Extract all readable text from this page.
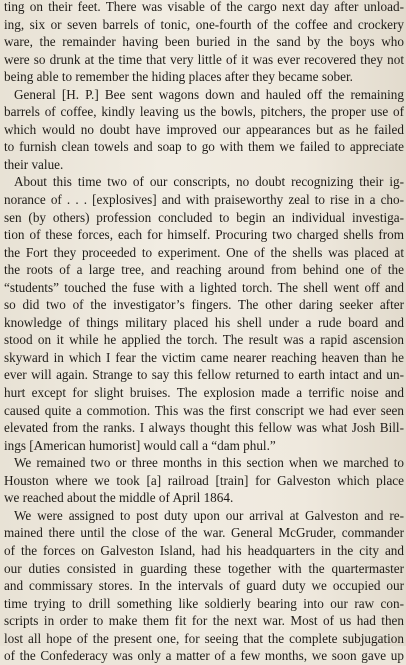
ting on their feet. There was visable of the cargo next day after unload-
ing, six or seven barrels of tonic, one-fourth of the coffee and crockery
ware, the remainder having been buried in the sand by the boys who
were so drunk at the time that very little of it was ever recovered they not
being able to remember the hiding places after they became sober.
General [H. P.] Bee sent wagons down and hauled off the remaining
barrels of coffee, kindly leaving us the bowls, pitchers, the proper use of
which would no doubt have improved our appearances but as he failed
to furnish clean towels and soap to go with them we failed to appreciate
their value.
About this time two of our conscripts, no doubt recognizing their ig-
norance of . . . [explosives] and with praiseworthy zeal to rise in a cho-
sen (by others) profession concluded to begin an individual investiga-
tion of these forces, each for himself. Procuring two charged shells from
the Fort they proceeded to experiment. One of the shells was placed at
the roots of a large tree, and reaching around from behind one of the
“students” touched the fuse with a lighted torch. The shell went off and
so did two of the investigator’s fingers. The other daring seeker after
knowledge of things military placed his shell under a rude board and
stood on it while he applied the torch. The result was a rapid ascension
skyward in which I fear the victim came nearer reaching heaven than he
ever will again. Strange to say this fellow returned to earth intact and un-
hurt except for slight bruises. The explosion made a terrific noise and
caused quite a commotion. This was the first conscript we had ever seen
elevated from the ranks. I always thought this fellow was what Josh Bill-
ings [American humorist] would call a “dam phul.”
We remained two or three months in this section when we marched to
Houston where we took [a] railroad [train] for Galveston which place
we reached about the middle of April 1864.
We were assigned to post duty upon our arrival at Galveston and re-
mained there until the close of the war. General McGruder, commander
of the forces on Galveston Island, had his headquarters in the city and
our duties consisted in guarding these together with the quartermaster
and commissary stores. In the intervals of guard duty we occupied our
time trying to drill something like soldierly bearing into our raw con-
scripts in order to make them fit for the next war. Most of us had then
lost all hope of the present one, for seeing that the complete subjugation
of the Confederacy was only a matter of a few months, we soon gave up
